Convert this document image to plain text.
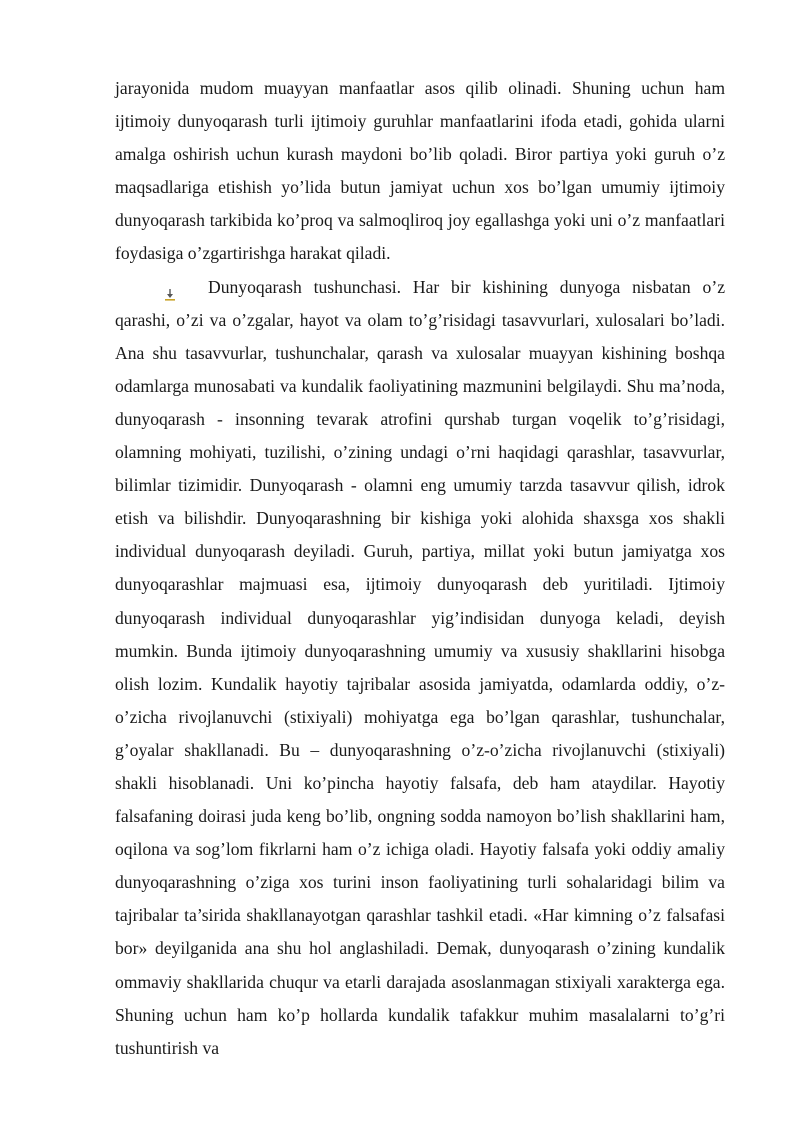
jarayonida mudom muayyan manfaatlar asos qilib olinadi. Shuning uchun ham ijtimoiy dunyoqarash turli ijtimoiy guruhlar manfaatlarini ifoda etadi, gohida ularni amalga oshirish uchun kurash maydoni bo’lib qoladi. Biror partiya yoki guruh o’z maqsadlariga etishish yo’lida butun jamiyat uchun xos bo’lgan umumiy ijtimoiy dunyoqarash tarkibida ko’proq va salmoqliroq joy egallashga yoki uni o’z manfaatlari foydasiga o’zgartirishga harakat qiladi.

Dunyoqarash tushunchasi. Har bir kishining dunyoga nisbatan o’z qarashi, o’zi va o’zgalar, hayot va olam to’g’risidagi tasavvurlari, xulosalari bo’ladi. Ana shu tasavvurlar, tushunchalar, qarash va xulosalar muayyan kishining boshqa odamlarga munosabati va kundalik faoliyatining mazmunini belgilaydi. Shu ma’noda, dunyoqarash - insonning tevarak atrofini qurshab turgan voqelik to’g’risidagi, olamning mohiyati, tuzilishi, o’zining undagi o’rni haqidagi qarashlar, tasavvurlar, bilimlar tizimidir. Dunyoqarash - olamni eng umumiy tarzda tasavvur qilish, idrok etish va bilishdir. Dunyoqarashning bir kishiga yoki alohida shaxsga xos shakli individual dunyoqarash deyiladi. Guruh, partiya, millat yoki butun jamiyatga xos dunyoqarashlar majmuasi esa, ijtimoiy dunyoqarash deb yuritiladi. Ijtimoiy dunyoqarash individual dunyoqarashlar yig’indisidan dunyoga keladi, deyish mumkin. Bunda ijtimoiy dunyoqarashning umumiy va xususiy shakllarini hisobga olish lozim. Kundalik hayotiy tajribalar asosida jamiyatda, odamlarda oddiy, o’z-o’zicha rivojlanuvchi (stixiyali) mohiyatga ega bo’lgan qarashlar, tushunchalar, g’oyalar shakllanadi. Bu – dunyoqarashning o’z-o’zicha rivojlanuvchi (stixiyali) shakli hisoblanadi. Uni ko’pincha hayotiy falsafa, deb ham ataydilar. Hayotiy falsafaning doirasi juda keng bo’lib, ongning sodda namoyon bo’lish shakllarini ham, oqilona va sog’lom fikrlarni ham o’z ichiga oladi. Hayotiy falsafa yoki oddiy amaliy dunyoqarashning o’ziga xos turini inson faoliyatining turli sohalaridagi bilim va tajribalar ta’sirida shakllanayotgan qarashlar tashkil etadi. «Har kimning o’z falsafasi bor» deyilganida ana shu hol anglashiladi. Demak, dunyoqarash o’zining kundalik ommaviy shakllarida chuqur va etarli darajada asoslanmagan stixiyali xarakterga ega. Shuning uchun ham ko’p hollarda kundalik tafakkur muhim masalalarni to’g’ri tushuntirish va
